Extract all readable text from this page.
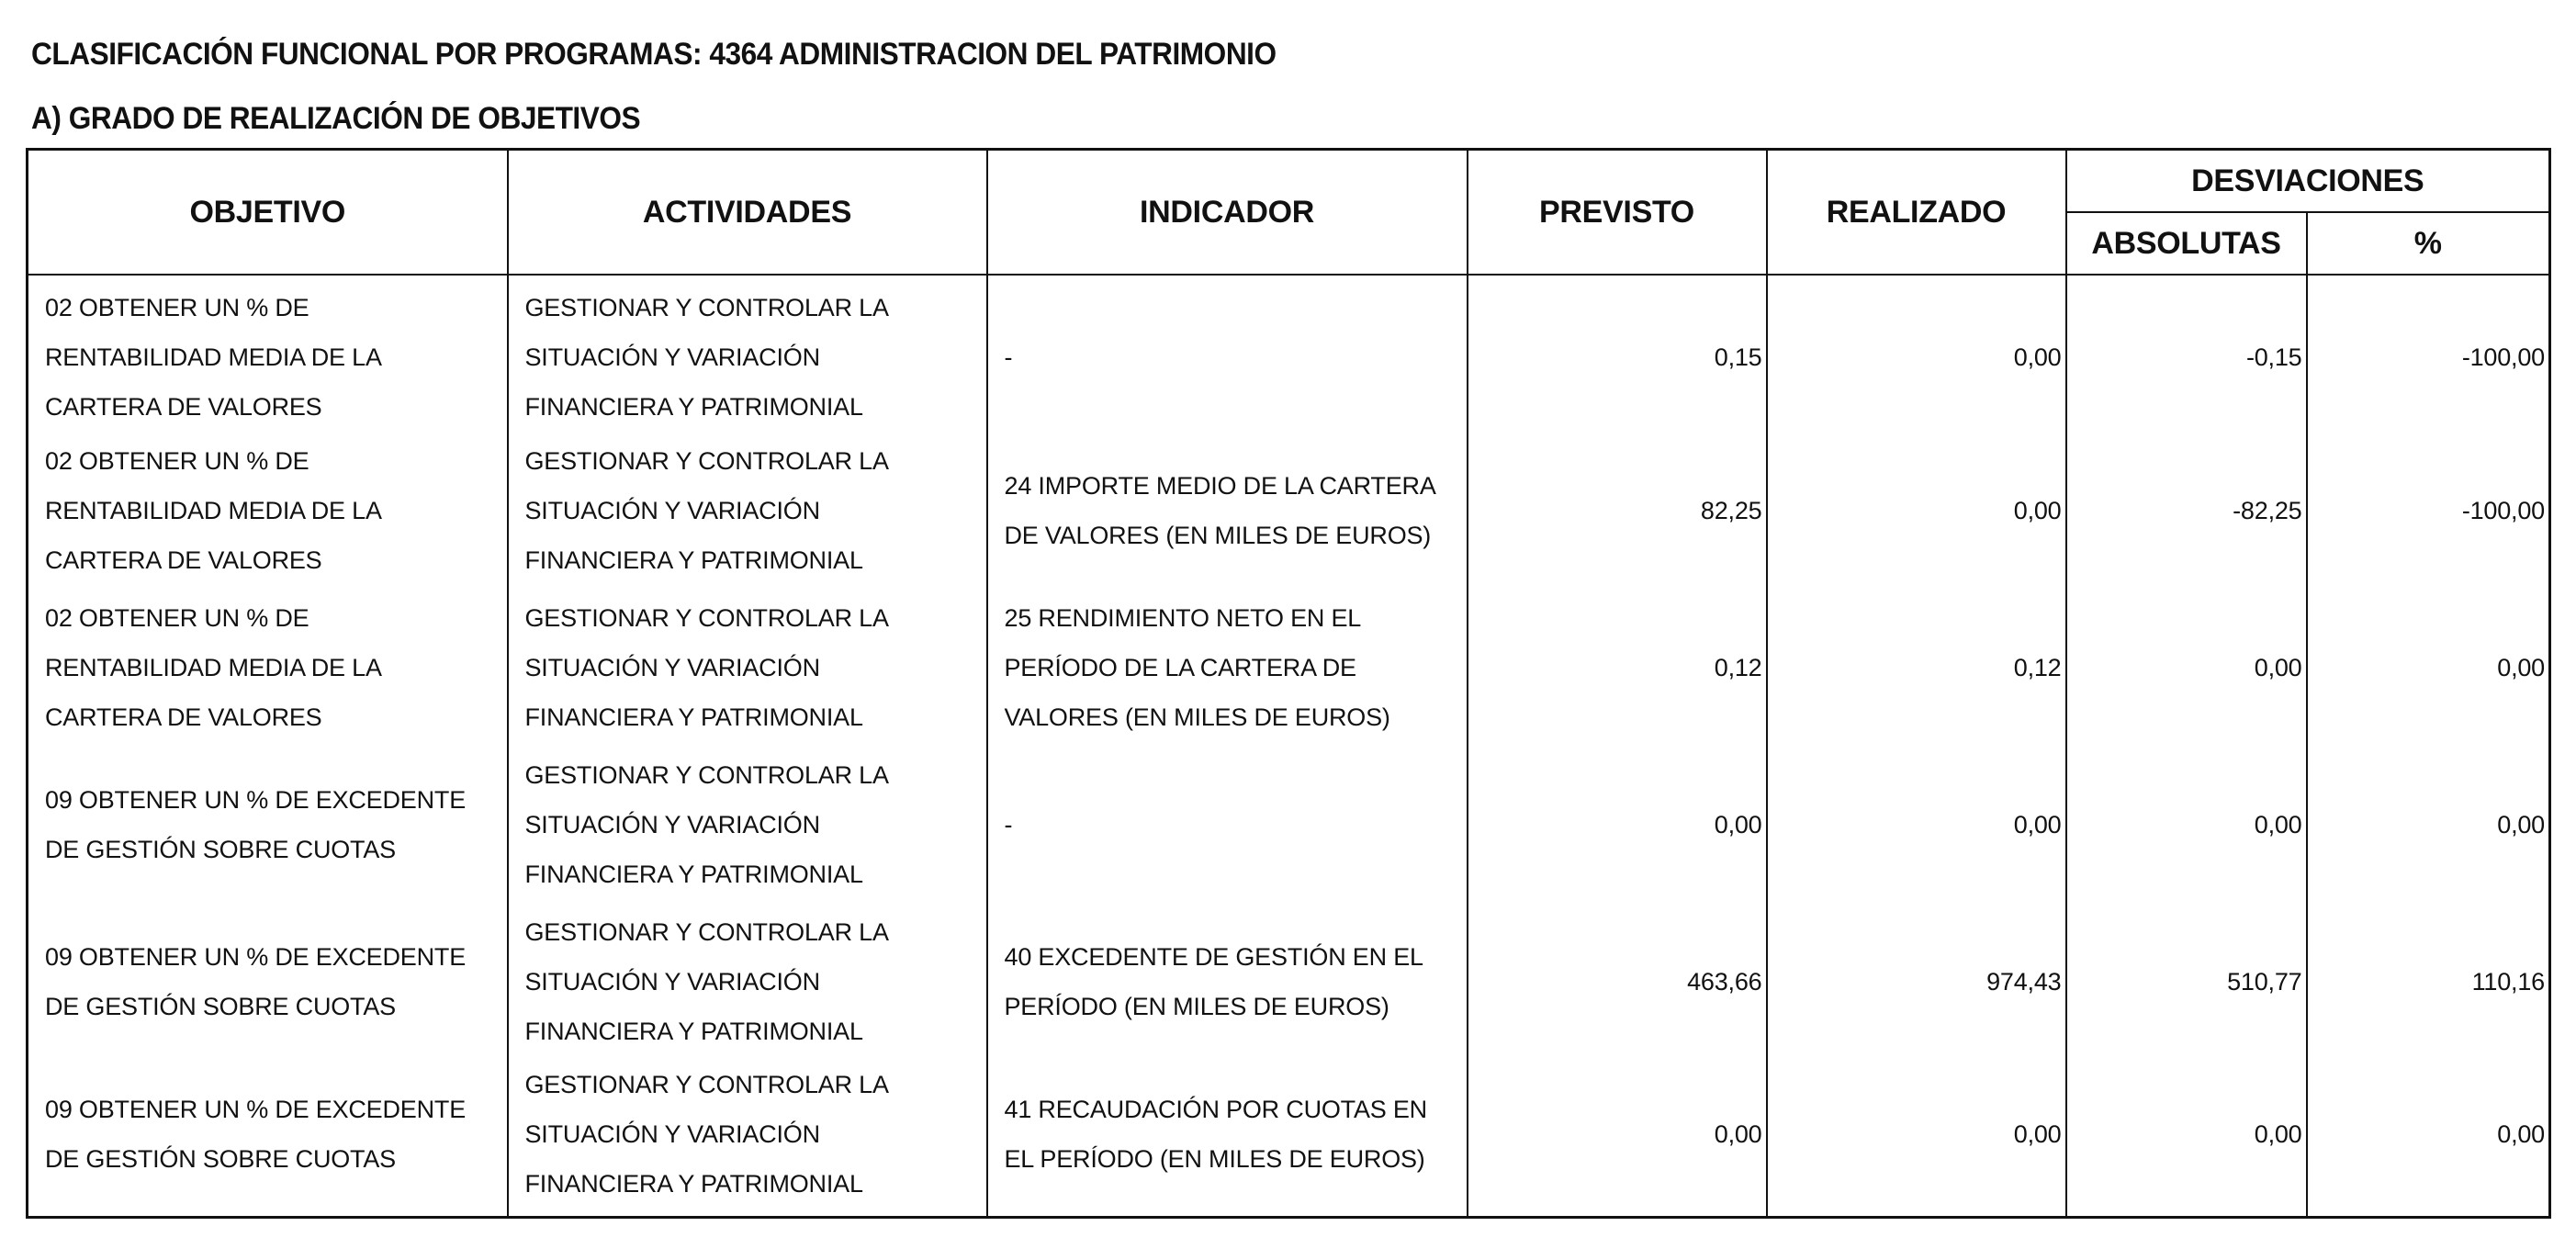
CLASIFICACIÓN FUNCIONAL POR PROGRAMAS: 4364 ADMINISTRACION DEL PATRIMONIO
A) GRADO DE REALIZACIÓN DE OBJETIVOS
OBJETIVO	ACTIVIDADES	INDICADOR	PREVISTO	REALIZADO	DESVIACIONES	
					ABSOLUTAS	%
02 OBTENER UN % DE RENTABILIDAD MEDIA DE LA CARTERA DE VALORES	GESTIONAR Y CONTROLAR LA SITUACIÓN Y VARIACIÓN FINANCIERA Y PATRIMONIAL	-	0,15	0,00	-0,15	-100,00
02 OBTENER UN % DE RENTABILIDAD MEDIA DE LA CARTERA DE VALORES	GESTIONAR Y CONTROLAR LA SITUACIÓN Y VARIACIÓN FINANCIERA Y PATRIMONIAL	24 IMPORTE MEDIO DE LA CARTERA DE VALORES (EN MILES DE EUROS)	82,25	0,00	-82,25	-100,00
02 OBTENER UN % DE RENTABILIDAD MEDIA DE LA CARTERA DE VALORES	GESTIONAR Y CONTROLAR LA SITUACIÓN Y VARIACIÓN FINANCIERA Y PATRIMONIAL	25 RENDIMIENTO NETO EN EL PERÍODO DE LA CARTERA DE VALORES (EN MILES DE EUROS)	0,12	0,12	0,00	0,00
09 OBTENER UN % DE EXCEDENTE DE GESTIÓN SOBRE CUOTAS	GESTIONAR Y CONTROLAR LA SITUACIÓN Y VARIACIÓN FINANCIERA Y PATRIMONIAL	-	0,00	0,00	0,00	0,00
09 OBTENER UN % DE EXCEDENTE DE GESTIÓN SOBRE CUOTAS	GESTIONAR Y CONTROLAR LA SITUACIÓN Y VARIACIÓN FINANCIERA Y PATRIMONIAL	40 EXCEDENTE DE GESTIÓN EN EL PERÍODO (EN MILES DE EUROS)	463,66	974,43	510,77	110,16
09 OBTENER UN % DE EXCEDENTE DE GESTIÓN SOBRE CUOTAS	GESTIONAR Y CONTROLAR LA SITUACIÓN Y VARIACIÓN FINANCIERA Y PATRIMONIAL	41 RECAUDACIÓN POR CUOTAS EN EL PERÍODO (EN MILES DE EUROS)	0,00	0,00	0,00	0,00
